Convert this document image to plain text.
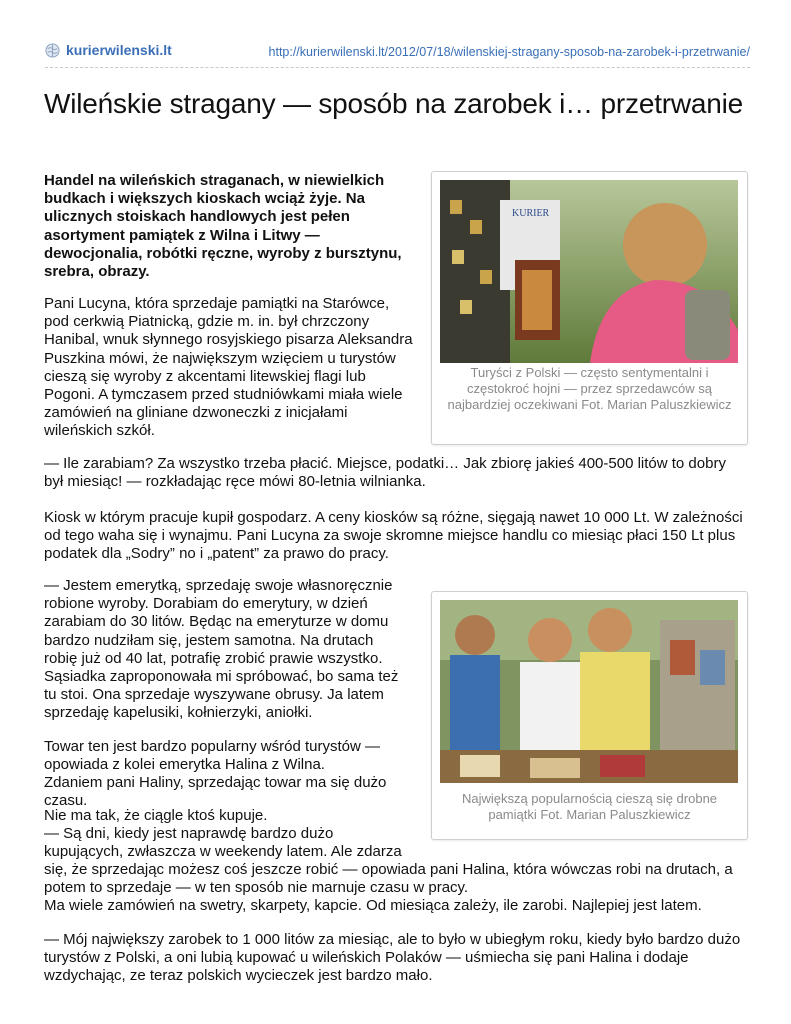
kurierwilenski.lt	http://kurierwilenski.lt/2012/07/18/wilenskiej-stragany-sposob-na-zarobek-i-przetrwanie/
Wileńskie stragany — sposób na zarobek i… przetrwanie

Handel na wileńskich straganach, w niewielkich budkach i większych kioskach wciąż żyje. Na ulicznych stoiskach handlowych jest pełen asortyment pamiątek z Wilna i Litwy — dewocjonalia, robótki ręczne, wyroby z bursztynu, srebra, obrazy.

Pani Lucyna, która sprzedaje pamiątki na Starówce, pod cerkwią Piatnicką, gdzie m. in. był chrzczony Hanibal, wnuk słynnego rosyjskiego pisarza Aleksandra Puszkina mówi, że największym wzięciem u turystów cieszą się wyroby z akcentami litewskiej flagi lub Pogoni. A tymczasem przed studniówkami miała wiele zamówień na gliniane dzwoneczki z inicjałami wileńskich szkół.

KURIER
Turyści z Polski — często sentymentalni i częstokroć hojni — przez sprzedawców są najbardziej oczekiwani Fot. Marian Paluszkiewicz

— Ile zarabiam? Za wszystko trzeba płacić. Miejsce, podatki… Jak zbiorę jakieś 400-500 litów to dobry był miesiąc! — rozkładając ręce mówi 80-letnia wilnianka.

Kiosk w którym pracuje kupił gospodarz. A ceny kiosków są różne, sięgają nawet 10 000 Lt. W zależności od tego waha się i wynajmu. Pani Lucyna za swoje skromne miejsce handlu co miesiąc płaci 150 Lt plus podatek dla „Sodry” no i „patent” za prawo do pracy.

— Jestem emerytką, sprzedaję swoje własnoręcznie robione wyroby. Dorabiam do emerytury, w dzień zarabiam do 30 litów. Będąc na emeryturze w domu bardzo nudziłam się, jestem samotna. Na drutach robię już od 40 lat, potrafię zrobić prawie wszystko. Sąsiadka zaproponowała mi spróbować, bo sama też tu stoi. Ona sprzedaje wyszywane obrusy. Ja latem sprzedaję kapelusiki, kołnierzyki, aniołki.

Największą popularnością cieszą się drobne pamiątki Fot. Marian Paluszkiewicz

Towar ten jest bardzo popularny wśród turystów — opowiada z kolei emerytka Halina z Wilna.

Zdaniem pani Haliny, sprzedając towar ma się dużo czasu.

Nie ma tak, że ciągle ktoś kupuje.

— Są dni, kiedy jest naprawdę bardzo dużo kupujących, zwłaszcza w weekendy latem. Ale zdarza

się, że sprzedając możesz coś jeszcze robić — opowiada pani Halina, która wówczas robi na drutach, a potem to sprzedaje — w ten sposób nie marnuje czasu w pracy.

Ma wiele zamówień na swetry, skarpety, kapcie. Od miesiąca zależy, ile zarobi. Najlepiej jest latem.

— Mój największy zarobek to 1 000 litów za miesiąc, ale to było w ubiegłym roku, kiedy było bardzo dużo turystów z Polski, a oni lubią kupować u wileńskich Polaków — uśmiecha się pani Halina i dodaje wzdychając, ze teraz polskich wycieczek jest bardzo mało.
